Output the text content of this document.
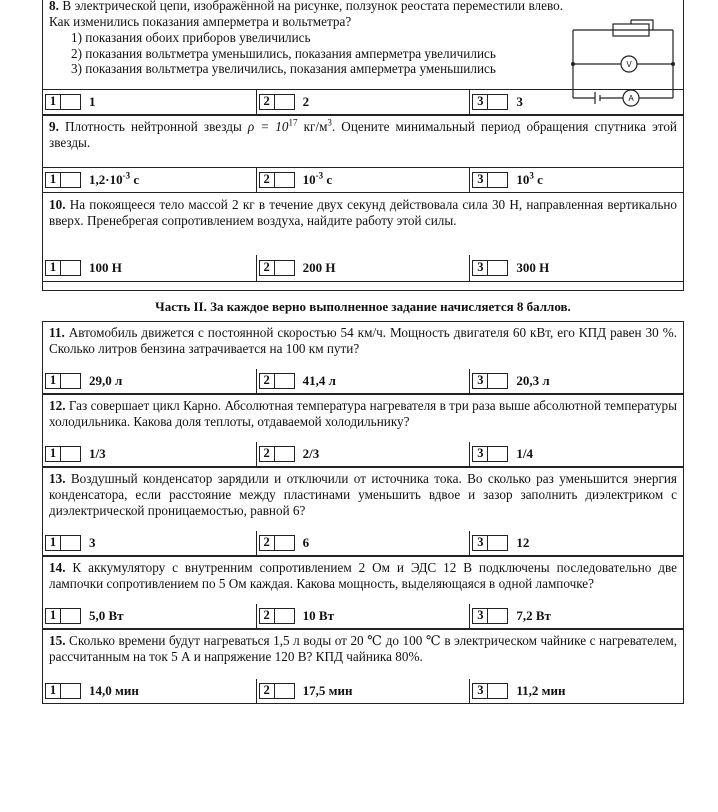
8. В электрической цепи, изображённой на рисунке, ползунок реостата переместили влево. Как изменились показания амперметра и вольтметра?
1) показания обоих приборов увеличились
2) показания вольтметра уменьшились, показания амперметра увеличились
3) показания вольтметра увеличились, показания амперметра уменьшились	V
A
1	1	2	2	3	3
9. Плотность нейтронной звезды $\rho = 10^{17}$ $кг/м^3$. Оцените минимальный период обращения спутника этой звезды.
1	$1,2\cdot 10^{-3}$ с	2	$10^{-3}$ с	3	$10^3$ с
10. На покоящееся тело массой 2 кг в течение двух секунд действовала сила 30 Н, направленная вертикально вверх. Пренебрегая сопротивлением воздуха, найдите работу этой силы.
1	100 Н	2	200 Н	3	300 Н
Часть II. За каждое верно выполненное задание начисляется 8 баллов.
11. Автомобиль движется с постоянной скоростью 54 км/ч. Мощность двигателя 60 кВт, его КПД равен 30 %. Сколько литров бензина затрачивается на 100 км пути?
1	29,0 л	2	41,4 л	3	20,3 л
12. Газ совершает цикл Карно. Абсолютная температура нагревателя в три раза выше абсолютной температуры холодильника. Какова доля теплоты, отдаваемой холодильнику?
1	1/3	2	2/3	3	1/4
13. Воздушный конденсатор зарядили и отключили от источника тока. Во сколько раз уменьшится энергия конденсатора, если расстояние между пластинами уменьшить вдвое и зазор заполнить диэлектриком с диэлектрической проницаемостью, равной 6?
1	3	2	6	3	12
14. К аккумулятору с внутренним сопротивлением 2 Ом и ЭДС 12 В подключены последовательно две лампочки сопротивлением по 5 Ом каждая. Какова мощность, выделяющаяся в одной лампочке?
1	5,0 Вт	2	10 Вт	3	7,2 Вт
15. Сколько времени будут нагреваться 1,5 л воды от 20 ℃ до 100 ℃ в электрическом чайнике с нагревателем, рассчитанным на ток 5 А и напряжение 120 В? КПД чайника 80%.
1	14,0 мин	2	17,5 мин	3	11,2 мин
